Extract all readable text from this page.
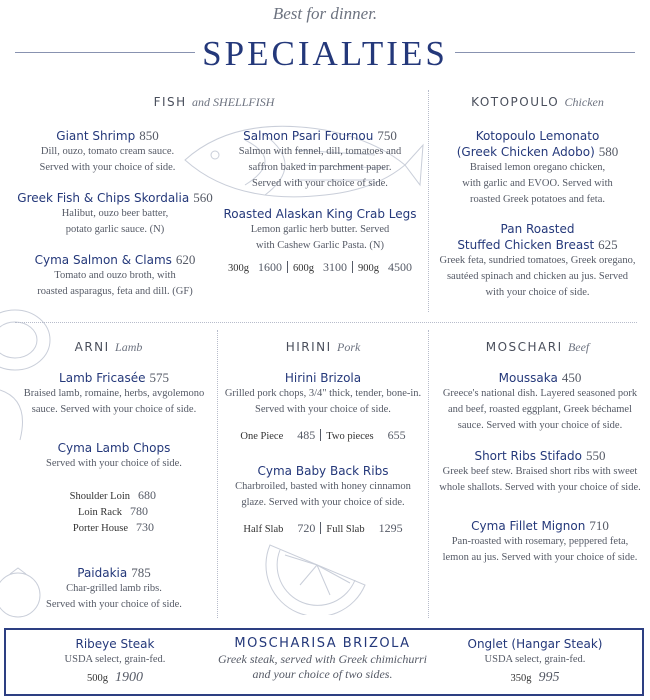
Best for dinner.
SPECIALTIES
FISH and SHELLFISH
Giant Shrimp 850
Dill, ouzo, tomato cream sauce.
Served with your choice of side.
Greek Fish & Chips Skordalia 560
Halibut, ouzo beer batter,
potato garlic sauce. (N)
Cyma Salmon & Clams 620
Tomato and ouzo broth, with
roasted asparagus, feta and dill. (GF)
Salmon Psari Fournou 750
Salmon with fennel, dill, tomatoes and
saffron baked in parchment paper.
Served with your choice of side.
Roasted Alaskan King Crab Legs
Lemon garlic herb butter. Served
with Cashew Garlic Pasta. (N)
300g 1600 600g 3100 900g 4500
KOTOPOULO Chicken
Kotopoulo Lemonato
(Greek Chicken Adobo) 580
Braised lemon oregano chicken,
with garlic and EVOO. Served with
roasted Greek potatoes and feta.
Pan Roasted
Stuffed Chicken Breast 625
Greek feta, sundried tomatoes, Greek oregano,
sautéed spinach and chicken au jus. Served
with your choice of side.
ARNI Lamb
Lamb Fricasée 575
Braised lamb, romaine, herbs, avgolemono
sauce. Served with your choice of side.
Cyma Lamb Chops
Served with your choice of side.
Shoulder Loin 680
Loin Rack 780
Porter House 730
Paidakia 785
Char-grilled lamb ribs.
Served with your choice of side.
HIRINI Pork
Hirini Brizola
Grilled pork chops, 3/4" thick, tender, bone-in.
Served with your choice of side.
One Piece 485 Two pieces 655
Cyma Baby Back Ribs
Charbroiled, basted with honey cinnamon
glaze. Served with your choice of side.
Half Slab 720 Full Slab 1295
MOSCHARI Beef
Moussaka 450
Greece's national dish. Layered seasoned pork
and beef, roasted eggplant, Greek béchamel
sauce. Served with your choice of side.
Short Ribs Stifado 550
Greek beef stew. Braised short ribs with sweet
whole shallots. Served with your choice of side.
Cyma Fillet Mignon 710
Pan-roasted with rosemary, peppered feta,
lemon au jus. Served with your choice of side.
Ribeye Steak
USDA select, grain-fed.
500g 1900
MOSCHARISA BRIZOLA
Greek steak, served with Greek chimichurri
and your choice of two sides.
Onglet (Hangar Steak)
USDA select, grain-fed.
350g 995
